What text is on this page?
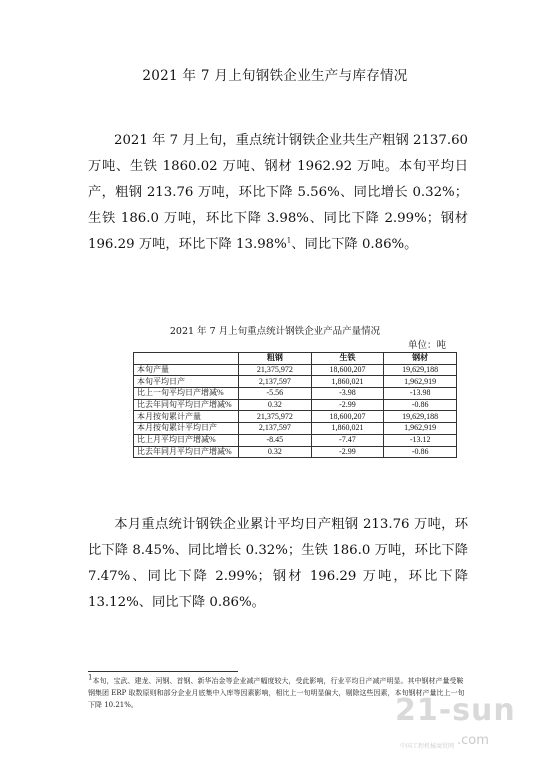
2021 年 7 月上旬钢铁企业生产与库存情况
2021 年 7 月上旬，重点统计钢铁企业共生产粗钢 2137.60 万吨、生铁 1860.02 万吨、钢材 1962.92 万吨。本旬平均日产，粗钢 213.76 万吨，环比下降 5.56%、同比增长 0.32%；生铁 186.0 万吨，环比下降 3.98%、同比下降 2.99%；钢材 196.29 万吨，环比下降 13.98%$^1$、同比下降 0.86%。
2021 年 7 月上旬重点统计钢铁企业产品产量情况
单位：吨
	粗钢	生铁	钢材
本旬产量	21,375,972	18,600,207	19,629,188
本旬平均日产	2,137,597	1,860,021	1,962,919
比上一旬平均日产增减%	-5.56	-3.98	-13.98
比去年同旬平均日产增减%	0.32	-2.99	-0.86
本月按旬累计产量	21,375,972	18,600,207	19,629,188
本月按旬累计平均日产	2,137,597	1,860,021	1,962,919
比上月平均日产增减%	-8.45	-7.47	-13.12
比去年同月平均日产增减%	0.32	-2.99	-0.86
本月重点统计钢铁企业累计平均日产粗钢 213.76 万吨，环比下降 8.45%、同比增长 0.32%；生铁 186.0 万吨，环比下降 7.47%、同比下降 2.99%；钢材 196.29 万吨，环比下降 13.12%、同比下降 0.86%。
$^1$本旬，宝武、建龙、河钢、首钢、新华冶金等企业减产幅度较大，受此影响，行业平均日产减产明显。其中钢材产量受鞍钢集团 ERP 取数原则和部分企业月底集中入库等因素影响，相比上一旬明显偏大，剔除这些因素，本旬钢材产量比上一旬下降 10.21%。	21-sun
.com
中国工程机械商贸网
